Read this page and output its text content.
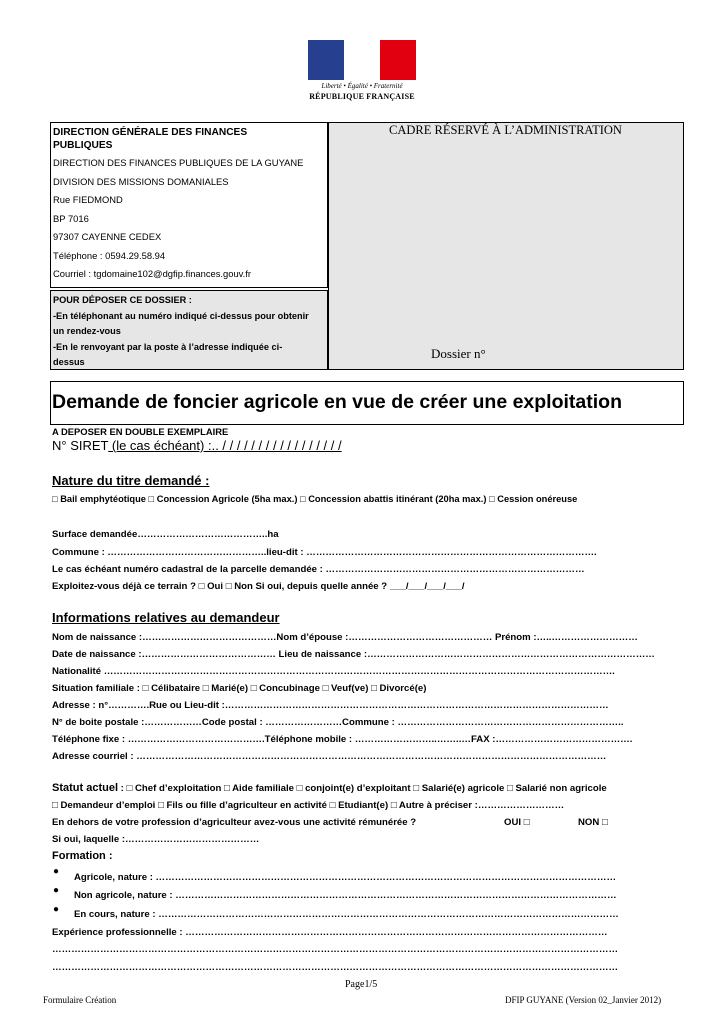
Liberté • Égalité • Fraternité
RÉPUBLIQUE FRANÇAISE
DIRECTION GÉNÉRALE DES FINANCES PUBLIQUES
DIRECTION DES FINANCES PUBLIQUES DE LA GUYANE
DIVISION DES MISSIONS DOMANIALES
Rue FIEDMOND
BP 7016
97307 CAYENNE CEDEX
Téléphone : 0594.29.58.94
Courriel : tgdomaine102@dgfip.finances.gouv.fr
POUR DÉPOSER CE DOSSIER :
-En téléphonant au numéro indiqué ci-dessus pour obtenir
un rendez-vous
-En le renvoyant par la poste à l’adresse indiquée ci-
dessus
CADRE RÉSERVÉ À L’ADMINISTRATION
Dossier n°
Demande de foncier agricole en vue de créer une exploitation
A DEPOSER EN DOUBLE EXEMPLAIRE
N° SIRET (le cas échéant) :.. / / / / / / / / / / / / / / / / /
Nature du titre demandé :
□ Bail emphytéotique □ Concession Agricole (5ha max.) □ Concession abattis itinérant (20ha max.) □ Cession onéreuse
Surface demandée…………………………………..ha
Commune : …………………………………………..lieu-dit : ……………………………………………………………………………….
Le cas échéant numéro cadastral de la parcelle demandée : ………………………………………………………………………
Exploitez-vous déjà ce terrain ? □ Oui □ Non Si oui, depuis quelle année ? ___/___/___/___/
Informations relatives au demandeur
Nom de naissance :……………………………………Nom d’épouse :……………………………………… Prénom :…..………………………
Date de naissance :…………………………………… Lieu de naissance :………………………………………………………………………………
Nationalité …………………………………………………………………………………………………………………………………………….
Situation familiale : □ Célibataire □ Marié(e) □ Concubinage □ Veuf(ve) □ Divorcé(e)
Adresse : n°………….Rue ou Lieu-dit :…………………………………………………………………………………………………………
N° de boite postale :………………Code postal : ……………………Commune : ……………………………………………………………..
Téléphone fixe : …………………………………….Téléphone mobile : ……………………..……..…FAX :…………………………………….
Adresse courriel : …………………………………………………………………………………………………………………………………
Statut actuel : □ Chef d’exploitation □ Aide familiale □ conjoint(e) d’exploitant □ Salarié(e) agricole □ Salarié non agricole
□ Demandeur d’emploi □ Fils ou fille d’agriculteur en activité □ Etudiant(e) □ Autre à préciser :………………………
En dehors de votre profession d’agriculteur avez-vous une activité rémunérée ?	OUI □	NON □
Si oui, laquelle :……………………………………
Formation :
●
Agricole, nature : ………………………………………………………………………………………………………………………………
● Non agricole, nature : …………………………………………………………………………………………………………………………
● En cours, nature : ………………………………………………………………………………………………………………………………
Expérience professionnelle : ……………………………………………………………………………………………………………………
……………………………………………………………………………………………………………………………………………………………
……………………………………………………………………………………………………………………………………………………………
Page1/5
Formulaire Création	DFIP GUYANE (Version 02_Janvier 2012)
